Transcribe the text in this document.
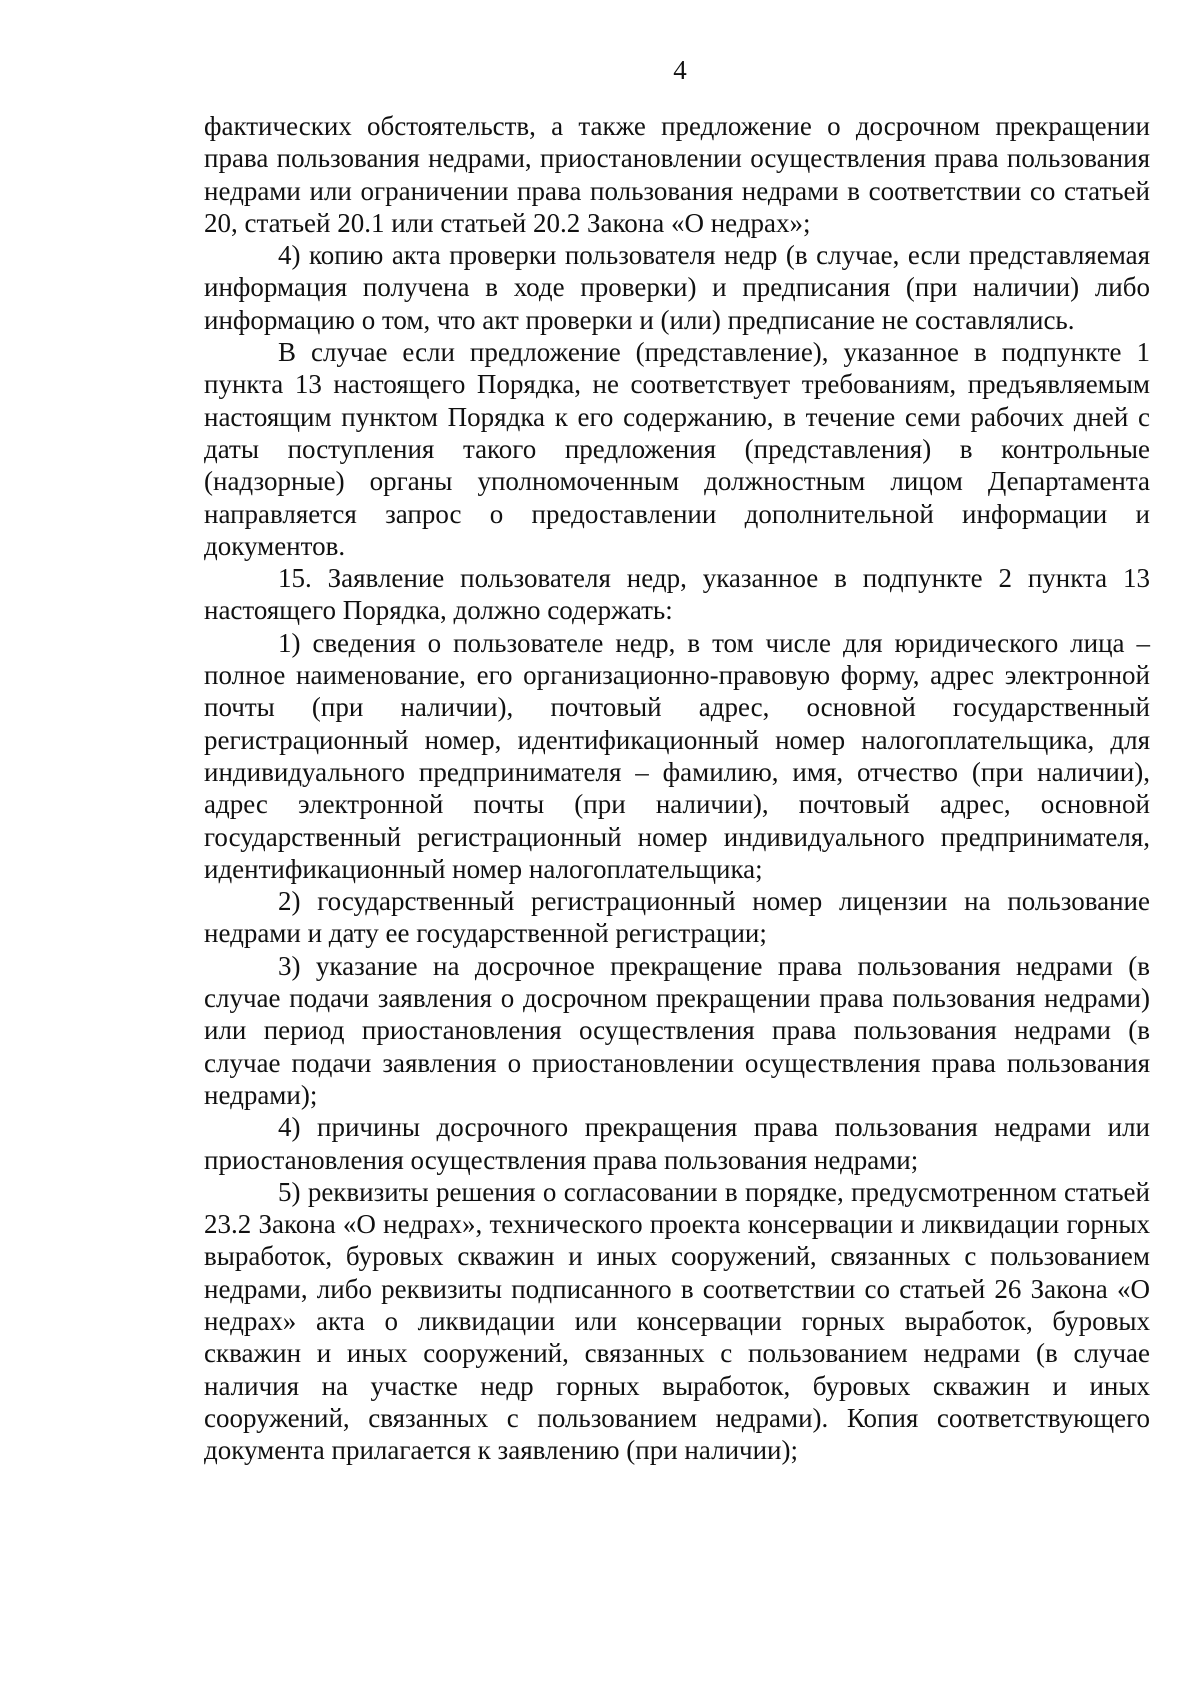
4

фактических обстоятельств, а также предложение о досрочном прекращении права пользования недрами, приостановлении осуществления права пользования недрами или ограничении права пользования недрами в соответствии со статьей 20, статьей 20.1 или статьей 20.2 Закона «О недрах»;

4) копию акта проверки пользователя недр (в случае, если представляемая информация получена в ходе проверки) и предписания (при наличии) либо информацию о том, что акт проверки и (или) предписание не составлялись.

В случае если предложение (представление), указанное в подпункте 1 пункта 13 настоящего Порядка, не соответствует требованиям, предъявляемым настоящим пунктом Порядка к его содержанию, в течение семи рабочих дней с даты поступления такого предложения (представления) в контрольные (надзорные) органы уполномоченным должностным лицом Департамента направляется запрос о предоставлении дополнительной информации и документов.

15. Заявление пользователя недр, указанное в подпункте 2 пункта 13 настоящего Порядка, должно содержать:

1) сведения о пользователе недр, в том числе для юридического лица – полное наименование, его организационно-правовую форму, адрес электронной почты (при наличии), почтовый адрес, основной государственный регистрационный номер, идентификационный номер налогоплательщика, для индивидуального предпринимателя – фамилию, имя, отчество (при наличии), адрес электронной почты (при наличии), почтовый адрес, основной государственный регистрационный номер индивидуального предпринимателя, идентификационный номер налогоплательщика;

2) государственный регистрационный номер лицензии на пользование недрами и дату ее государственной регистрации;

3) указание на досрочное прекращение права пользования недрами (в случае подачи заявления о досрочном прекращении права пользования недрами) или период приостановления осуществления права пользования недрами (в случае подачи заявления о приостановлении осуществления права пользования недрами);

4) причины досрочного прекращения права пользования недрами или приостановления осуществления права пользования недрами;

5) реквизиты решения о согласовании в порядке, предусмотренном статьей 23.2 Закона «О недрах», технического проекта консервации и ликвидации горных выработок, буровых скважин и иных сооружений, связанных с пользованием недрами, либо реквизиты подписанного в соответствии со статьей 26 Закона «О недрах» акта о ликвидации или консервации горных выработок, буровых скважин и иных сооружений, связанных с пользованием недрами (в случае наличия на участке недр горных выработок, буровых скважин и иных сооружений, связанных с пользованием недрами). Копия соответствующего документа прилагается к заявлению (при наличии);
